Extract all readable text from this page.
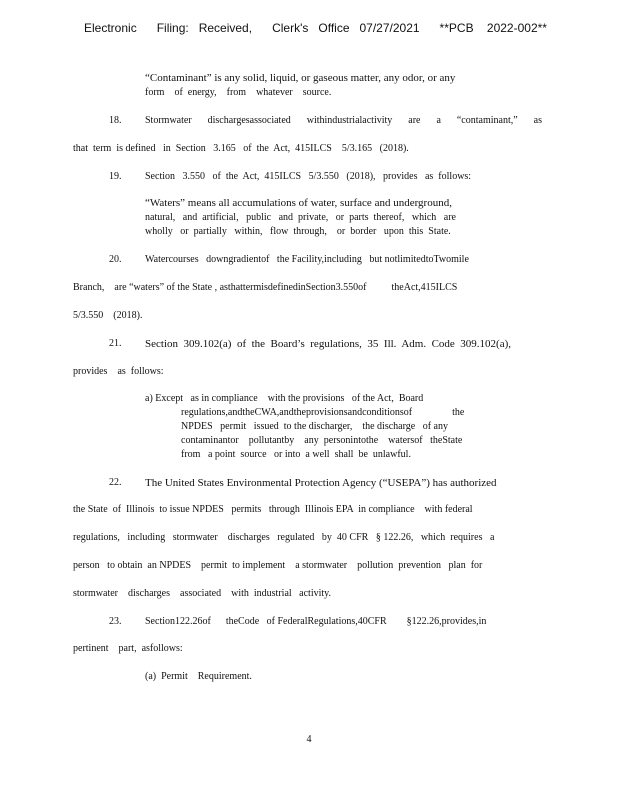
Electronic      Filing:   Received,      Clerk's   Office   07/27/2021      **PCB    2022-002**
“Contaminant” is any solid, liquid, or gaseous matter, any odor, or any
form    of  energy,    from    whatever    source.
18. Stormwater dischargesassociated withindustrialactivity are a “contaminant,” as
that  term  is defined   in  Section   3.165   of  the  Act,  415ILCS    5/3.165   (2018).
19. Section   3.550   of  the  Act,  415ILCS   5/3.550   (2018),   provides   as  follows:
“Waters” means all accumulations of water, surface and underground,
natural,   and  artificial,   public   and  private,   or  parts  thereof,   which   are
wholly   or  partially   within,   flow  through,    or  border   upon  this  State.
20. Watercourses   downgradientof   the Facility,including   but notlimitedtoTwomile
Branch,    are “waters” of the State , asthattermisdefinedinSection3.550of          theAct,415ILCS
5/3.550    (2018).
21. Section  309.102(a)  of  the  Board’s  regulations,  35  Ill.  Adm.  Code  309.102(a),
provides    as  follows:
a) Except   as in compliance    with the provisions   of the Act,  Board
regulations,andtheCWA,andtheprovisionsandconditionsof                the
NPDES   permit   issued  to the discharger,    the discharge   of any
contaminantor    pollutantby    any  personintothe    watersof   theState
from   a point  source   or into  a well  shall  be  unlawful.
22. The United States Environmental Protection Agency (“USEPA”) has authorized
the State  of  Illinois  to issue NPDES   permits   through  Illinois EPA  in compliance    with federal
regulations,   including   stormwater    discharges   regulated   by  40 CFR   § 122.26,   which  requires   a
person   to obtain  an NPDES    permit  to implement    a stormwater    pollution  prevention   plan  for
stormwater    discharges    associated    with  industrial   activity.
23. Section122.26of      theCode   of FederalRegulations,40CFR        §122.26,provides,in
pertinent    part,  asfollows:
(a)  Permit    Requirement.
4
